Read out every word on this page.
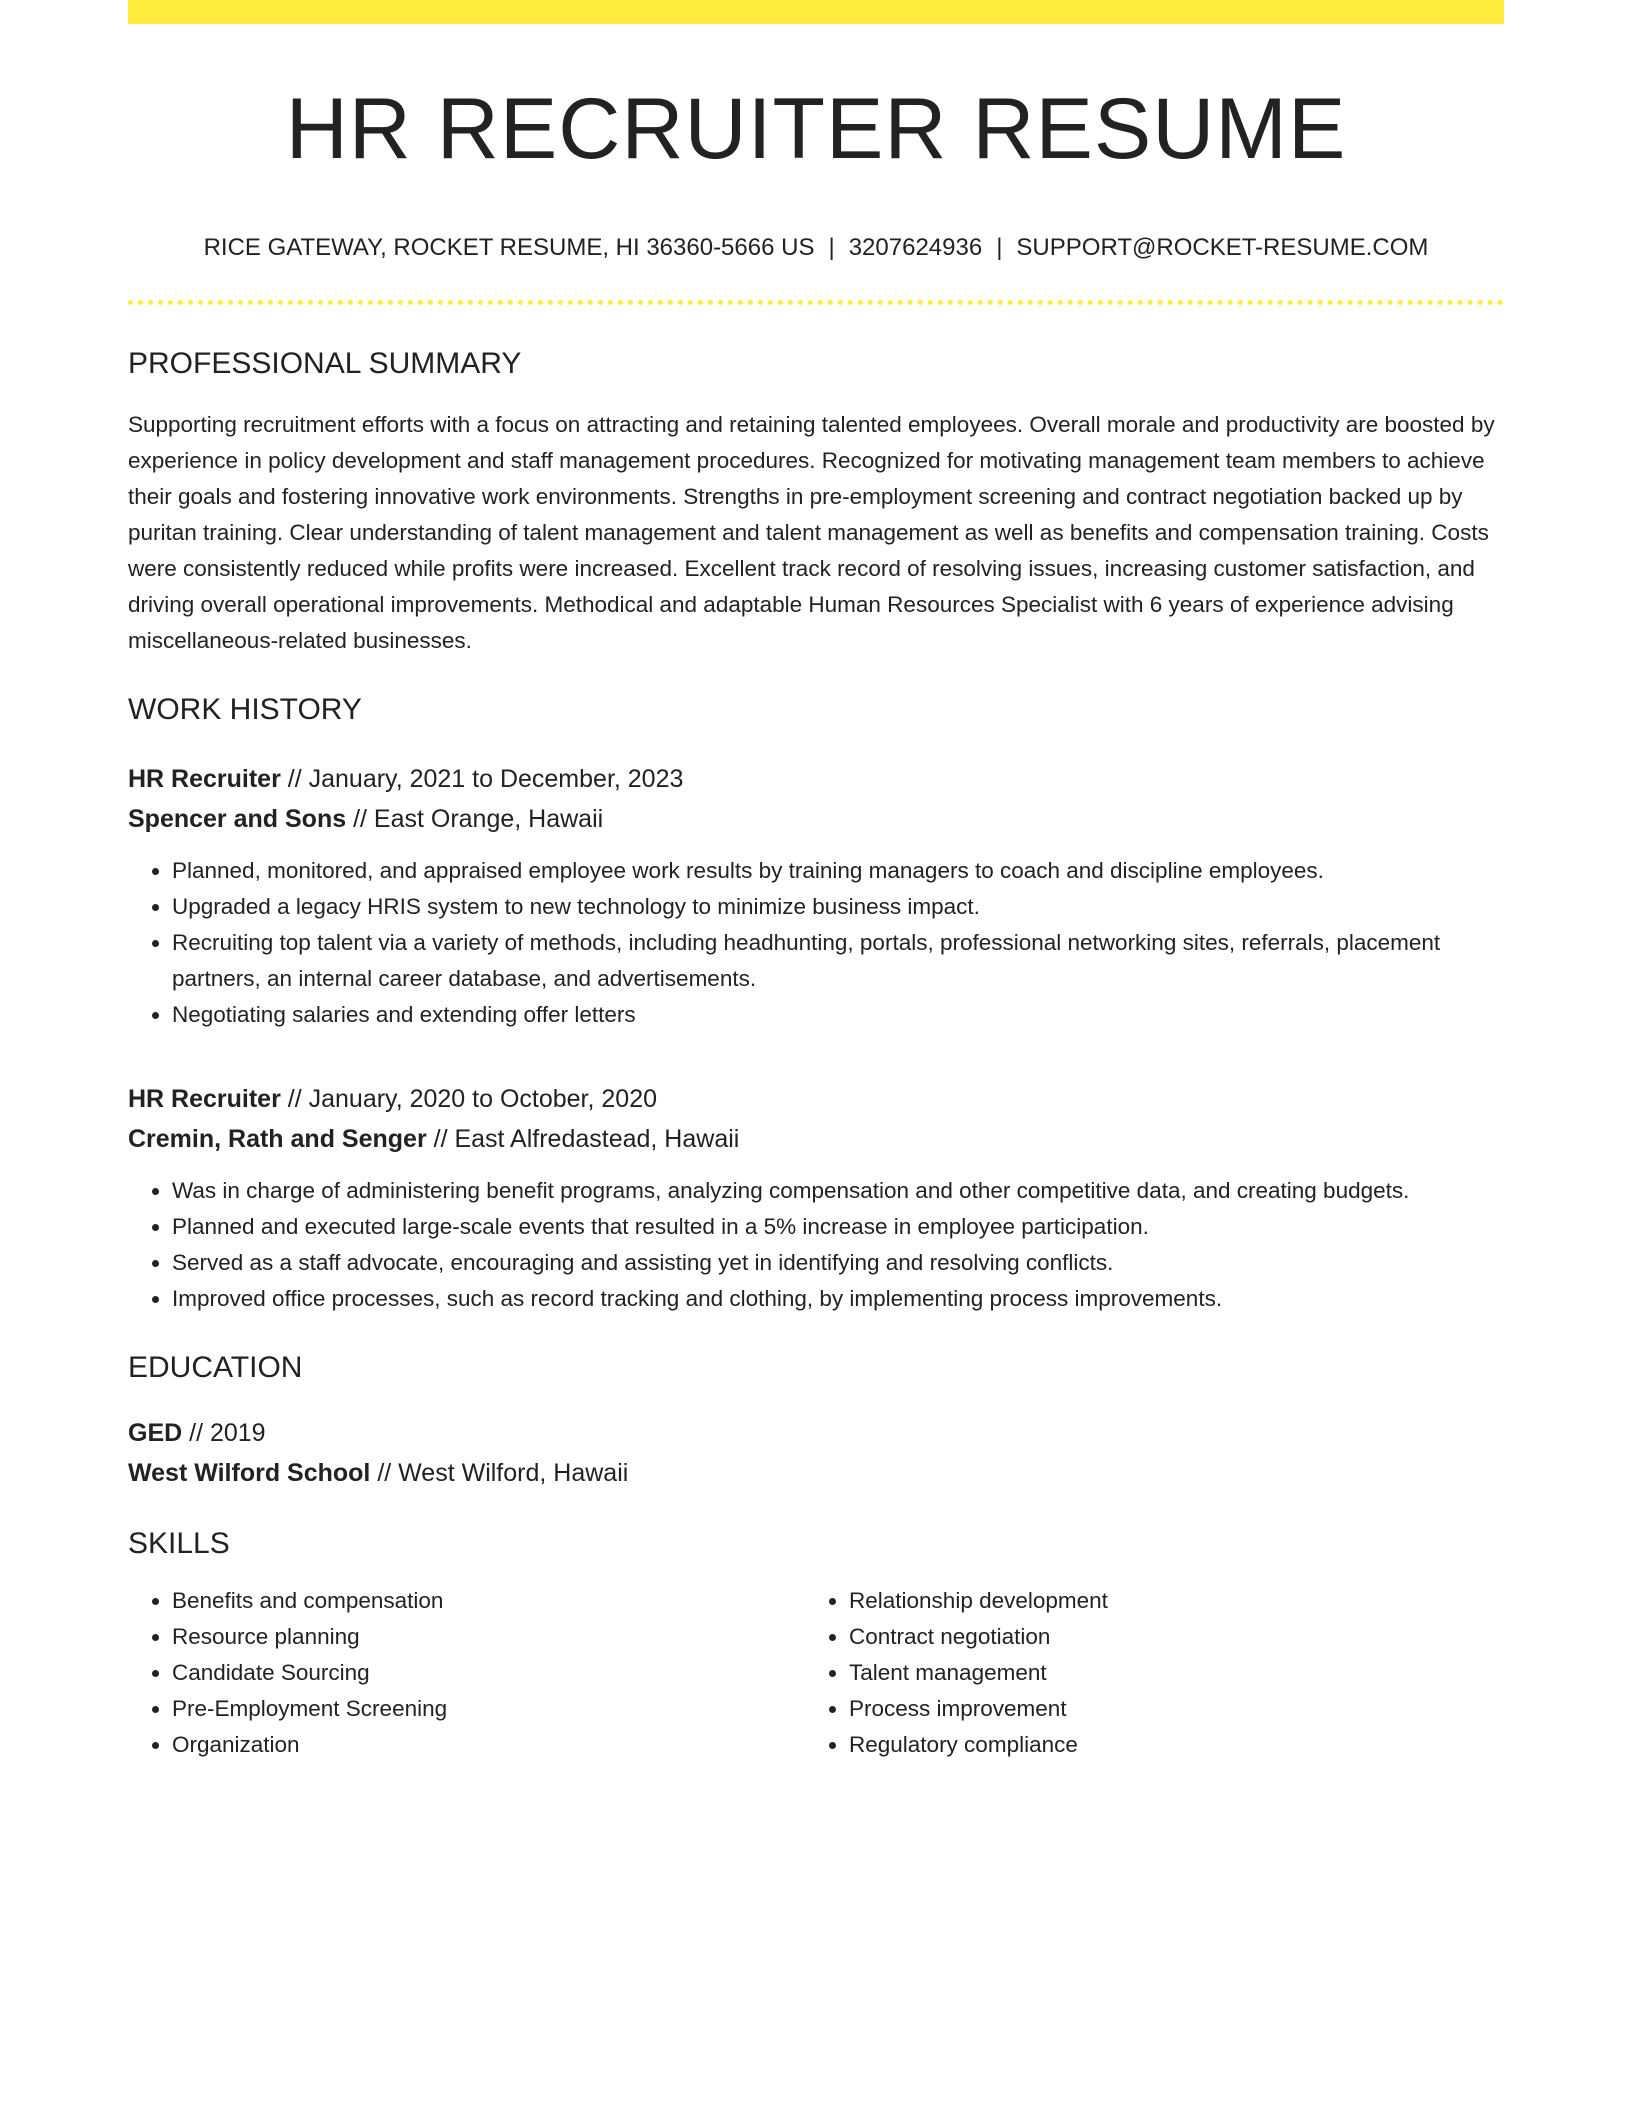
HR RECRUITER RESUME
RICE GATEWAY, ROCKET RESUME, HI 36360-5666 US | 3207624936 | SUPPORT@ROCKET-RESUME.COM
PROFESSIONAL SUMMARY

Supporting recruitment efforts with a focus on attracting and retaining talented employees. Overall morale and productivity are boosted by experience in policy development and staff management procedures. Recognized for motivating management team members to achieve their goals and fostering innovative work environments. Strengths in pre-employment screening and contract negotiation backed up by puritan training. Clear understanding of talent management and talent management as well as benefits and compensation training. Costs were consistently reduced while profits were increased. Excellent track record of resolving issues, increasing customer satisfaction, and driving overall operational improvements. Methodical and adaptable Human Resources Specialist with 6 years of experience advising miscellaneous-related businesses.

WORK HISTORY
HR Recruiter // January, 2021 to December, 2023
Spencer and Sons // East Orange, Hawaii
• Planned, monitored, and appraised employee work results by training managers to coach and discipline employees.
• Upgraded a legacy HRIS system to new technology to minimize business impact.
• Recruiting top talent via a variety of methods, including headhunting, portals, professional networking sites, referrals, placement partners, an internal career database, and advertisements.
• Negotiating salaries and extending offer letters
HR Recruiter // January, 2020 to October, 2020
Cremin, Rath and Senger // East Alfredastead, Hawaii
• Was in charge of administering benefit programs, analyzing compensation and other competitive data, and creating budgets.
• Planned and executed large-scale events that resulted in a 5% increase in employee participation.
• Served as a staff advocate, encouraging and assisting yet in identifying and resolving conflicts.
• Improved office processes, such as record tracking and clothing, by implementing process improvements.
EDUCATION
GED // 2019
West Wilford School // West Wilford, Hawaii
SKILLS
• Benefits and compensation
• Resource planning
• Candidate Sourcing
• Pre-Employment Screening
• Organization
• Relationship development
• Contract negotiation
• Talent management
• Process improvement
• Regulatory compliance
